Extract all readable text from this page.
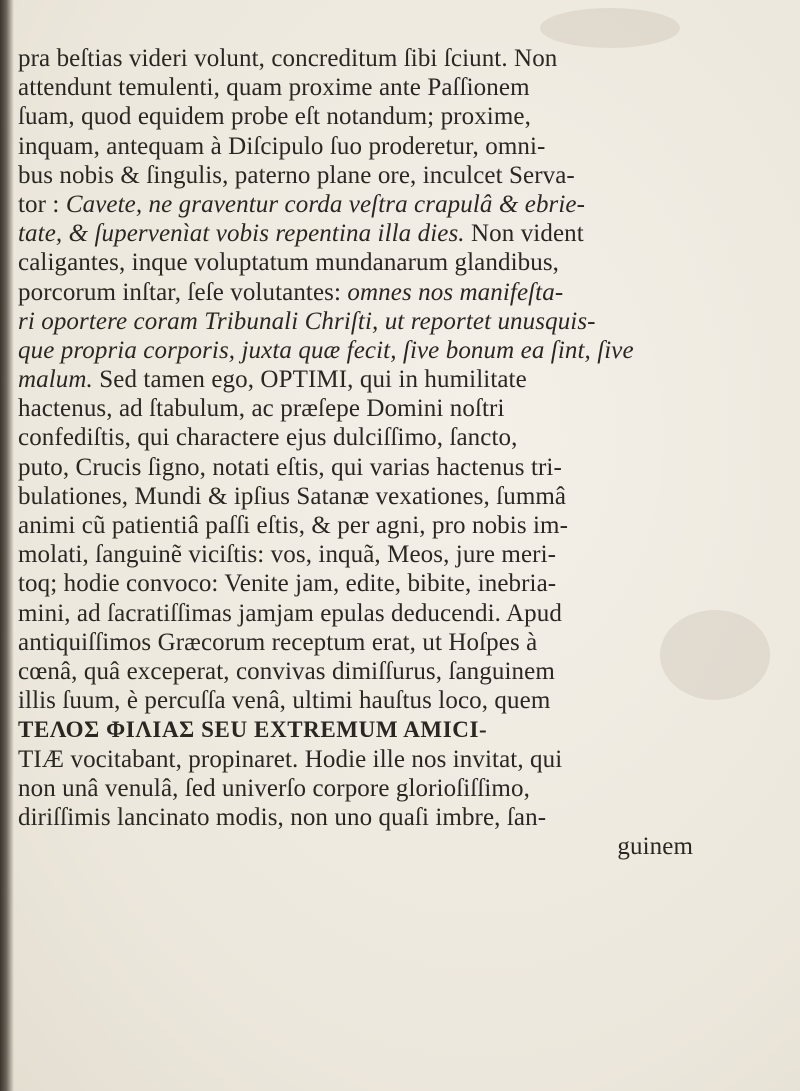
pra beſtias videri volunt, concreditum ſibi ſciunt. Non
attendunt temulenti, quam proxime ante Paſſionem
ſuam, quod equidem probe eſt notandum; proxime,
inquam, antequam à Diſcipulo ſuo proderetur, omni-
bus nobis & ſingulis, paterno plane ore, inculcet Serva-
tor : Cavete, ne graventur corda veſtra crapulâ & ebrie-
tate, & ſupervenìat vobis repentina illa dies. Non vident
caligantes, inque voluptatum mundanarum glandibus,
porcorum inſtar, ſeſe volutantes: omnes nos manifeſta-
ri oportere coram Tribunali Chriſti, ut reportet unusquis-
que propria corporis, juxta quæ fecit, ſive bonum ea ſint, ſive
malum. Sed tamen ego, OPTIMI, qui in humilitate
hactenus, ad ſtabulum, ac præſepe Domini noſtri
confediſtis, qui charactere ejus dulciſſimo, ſancto,
puto, Crucis ſigno, notati eſtis, qui varias hactenus tri-
bulationes, Mundi & ipſius Satanæ vexationes, ſummâ
animi cũ patientiâ paſſi eſtis, & per agni, pro nobis im-
molati, ſanguinẽ viciſtis: vos, inquã, Meos, jure meri-
toq; hodie convoco: Venite jam, edite, bibite, inebria-
mini, ad ſacratiſſimas jamjam epulas deducendi. Apud
antiquiſſimos Græcorum receptum erat, ut Hoſpes à
cœnâ, quâ exceperat, convivas dimiſſurus, ſanguinem
illis ſuum, è percuſſa venâ, ultimi hauſtus loco, quem
ΤΕΛΟΣ ΦΙΛΙΑΣ SEU EXTREMUM AMICI-
TIÆ vocitabant, propinaret. Hodie ille nos invitat, qui
non unâ venulâ, ſed univerſo corpore glorioſiſſimo,
diriſſimis lancinato modis, non uno quaſi imbre, ſan-
guinem
